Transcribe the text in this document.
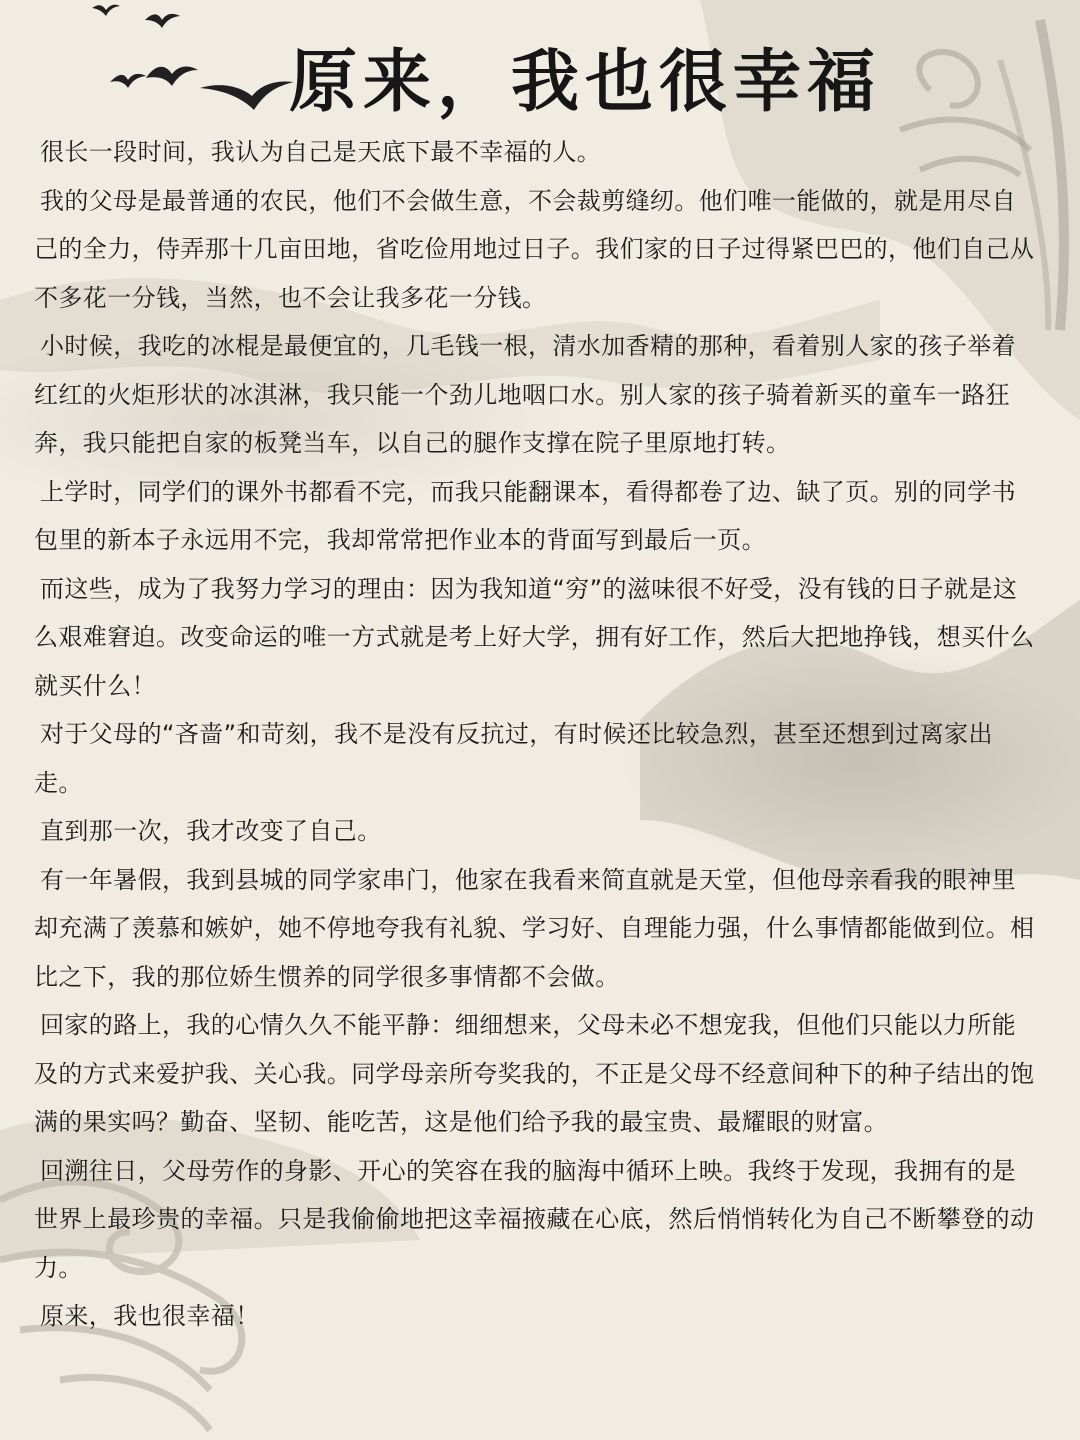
原来，我也很幸福

很长一段时间，我认为自己是天底下最不幸福的人。

我的父母是最普通的农民，他们不会做生意，不会裁剪缝纫。他们唯一能做的，就是用尽自己的全力，侍弄那十几亩田地，省吃俭用地过日子。我们家的日子过得紧巴巴的，他们自己从不多花一分钱，当然，也不会让我多花一分钱。

小时候，我吃的冰棍是最便宜的，几毛钱一根，清水加香精的那种，看着别人家的孩子举着红红的火炬形状的冰淇淋，我只能一个劲儿地咽口水。别人家的孩子骑着新买的童车一路狂奔，我只能把自家的板凳当车，以自己的腿作支撑在院子里原地打转。

上学时，同学们的课外书都看不完，而我只能翻课本，看得都卷了边、缺了页。别的同学书包里的新本子永远用不完，我却常常把作业本的背面写到最后一页。

而这些，成为了我努力学习的理由：因为我知道“穷”的滋味很不好受，没有钱的日子就是这么艰难窘迫。改变命运的唯一方式就是考上好大学，拥有好工作，然后大把地挣钱，想买什么就买什么！

对于父母的“吝啬”和苛刻，我不是没有反抗过，有时候还比较急烈，甚至还想到过离家出走。

直到那一次，我才改变了自己。

有一年暑假，我到县城的同学家串门，他家在我看来简直就是天堂，但他母亲看我的眼神里却充满了羡慕和嫉妒，她不停地夸我有礼貌、学习好、自理能力强，什么事情都能做到位。相比之下，我的那位娇生惯养的同学很多事情都不会做。

回家的路上，我的心情久久不能平静：细细想来，父母未必不想宠我，但他们只能以力所能及的方式来爱护我、关心我。同学母亲所夸奖我的，不正是父母不经意间种下的种子结出的饱满的果实吗？勤奋、坚韧、能吃苦，这是他们给予我的最宝贵、最耀眼的财富。

回溯往日，父母劳作的身影、开心的笑容在我的脑海中循环上映。我终于发现，我拥有的是世界上最珍贵的幸福。只是我偷偷地把这幸福掖藏在心底，然后悄悄转化为自己不断攀登的动力。

原来，我也很幸福！
